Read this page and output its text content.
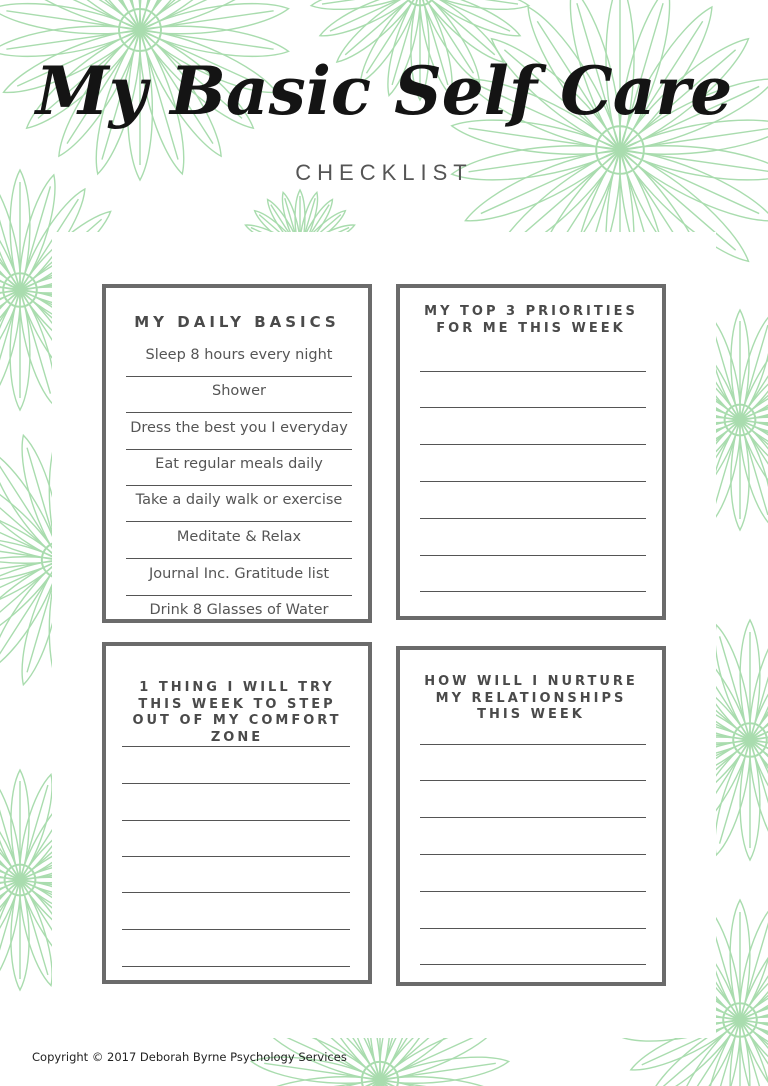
My Basic Self Care
CHECKLIST
MY DAILY BASICS
Sleep 8 hours every night
Shower
Dress the best you I everyday
Eat regular meals daily
Take a daily walk or exercise
Meditate & Relax
Journal Inc. Gratitude list
Drink 8 Glasses of Water
MY TOP 3 PRIORITIES
FOR ME THIS WEEK
1 THING I WILL TRY
THIS WEEK TO STEP
OUT OF MY COMFORT
ZONE
HOW WILL I NURTURE
MY RELATIONSHIPS
THIS WEEK
Copyright © 2017 Deborah Byrne Psychology Services
